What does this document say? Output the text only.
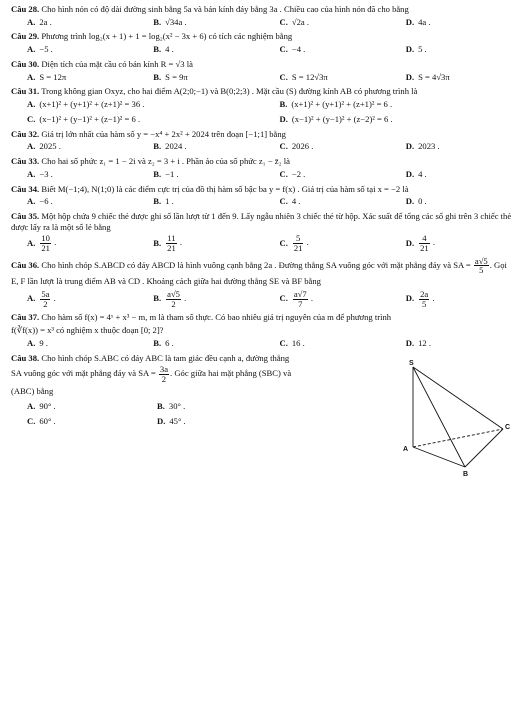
Câu 28. Cho hình nón có độ dài đường sinh bằng 5a và bán kính đáy bằng 3a . Chiều cao của hình nón đã cho bằng

A. 2a .	B. √34a .	C. √2a .	D. 4a .

Câu 29. Phương trình log₂(x + 1) + 1 = log₂(x² − 3x + 6) có tích các nghiệm bằng

A. −5 .	B. 4 .	C. −4 .	D. 5 .

Câu 30. Diện tích của mặt cầu có bán kính R = √3 là

A. S = 12π	B. S = 9π	C. S = 12√3π	D. S = 4√3π

Câu 31. Trong không gian Oxyz, cho hai điểm A(2;0;−1) và B(0;2;3) . Mặt cầu (S) đường kính AB có phương trình là

A. (x+1)² + (y+1)² + (z+1)² = 36 .	B. (x+1)² + (y+1)² + (z+1)² = 6 .
C. (x−1)² + (y−1)² + (z−1)² = 6 .	D. (x−1)² + (y−1)² + (z−2)² = 6 .

Câu 32. Giá trị lớn nhất của hàm số y = −x⁴ + 2x² + 2024 trên đoạn [−1;1] bằng

A. 2025 .	B. 2024 .	C. 2026 .	D. 2023 .

Câu 33. Cho hai số phức z₁ = 1 − 2i và z₂ = 3 + i . Phần ảo của số phức z₁ − z̄₂ là

A. −3 .	B. −1 .	C. −2 .	D. 4 .

Câu 34. Biết M(−1;4), N(1;0) là các điểm cực trị của đồ thị hàm số bậc ba y = f(x) . Giá trị của hàm số tại x = −2 là

A. −6 .	B. 1 .	C. 4 .	D. 0 .

Câu 35. Một hộp chứa 9 chiếc thẻ được ghi số lần lượt từ 1 đến 9. Lấy ngẫu nhiên 3 chiếc thẻ từ hộp. Xác suất để tổng các số ghi trên 3 chiếc thẻ được lấy ra là một số lẻ bằng

A. $\frac{10}{21}$ .	B. $\frac{11}{21}$ .	C. $\frac{5}{21}$ .	D. $\frac{4}{21}$ .

Câu 36. Cho hình chóp S.ABCD có đáy ABCD là hình vuông cạnh bằng 2a . Đường thẳng SA vuông góc với mặt phẳng đáy và SA = $\frac{a√5}{5}$ . Gọi E, F lần lượt là trung điểm AB và CD . Khoảng cách giữa hai đường thẳng SE và BF bằng

A. $\frac{5a}{2}$ .	B. $\frac{a√5}{2}$ .	C. $\frac{a√7}{7}$ .	D. $\frac{2a}{5}$ .

Câu 37. Cho hàm số f(x) = 4ˣ + x³ − m, m là tham số thực. Có bao nhiêu giá trị nguyên của m để phương trình

f(∛f(x)) = x³ có nghiệm x thuộc đoạn [0; 2]?

A. 9 .	B. 6 .	C. 16 .	D. 12 .

Câu 38. Cho hình chóp S.ABC có đáy ABC là tam giác đều cạnh a, đường thẳng

SA vuông góc với mặt phẳng đáy và SA = $\frac{3a}{2}$ . Góc giữa hai mặt phẳng (SBC) và

(ABC) bằng

A. 90° .	B. 30° .
C. 60° .	D. 45° .
S
A
B
C
